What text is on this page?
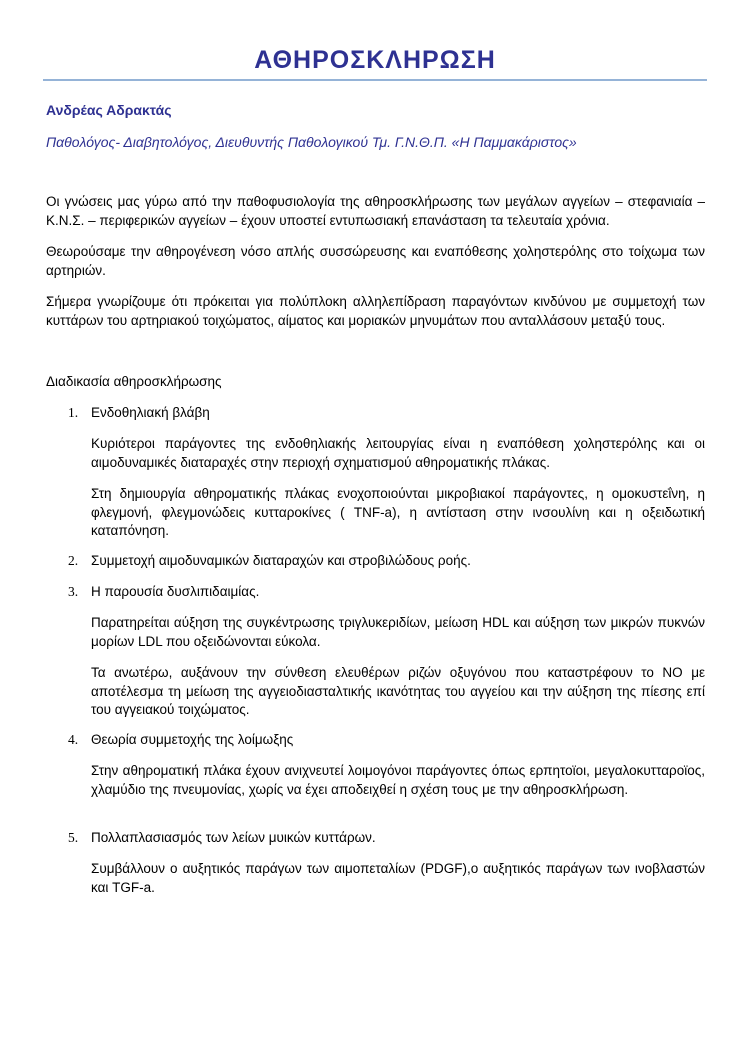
ΑΘΗΡΟΣΚΛΗΡΩΣΗ
Ανδρέας Αδρακτάς
Παθολόγος- Διαβητολόγος, Διευθυντής Παθολογικού Τμ. Γ.Ν.Θ.Π. «Η Παμμακάριστος»

Οι γνώσεις μας γύρω από την παθοφυσιολογία της αθηροσκλήρωσης των μεγάλων αγγείων – στεφανιαία – Κ.Ν.Σ. – περιφερικών αγγείων – έχουν υποστεί εντυπωσιακή επανάσταση τα τελευταία χρόνια.

Θεωρούσαμε την αθηρογένεση νόσο απλής συσσώρευσης και εναπόθεσης χοληστερόλης στο τοίχωμα των αρτηριών.

Σήμερα γνωρίζουμε ότι πρόκειται για πολύπλοκη αλληλεπίδραση παραγόντων κινδύνου με συμμετοχή των κυττάρων του αρτηριακού τοιχώματος, αίματος και μοριακών μηνυμάτων που ανταλλάσουν μεταξύ τους.

Διαδικασία αθηροσκλήρωσης
1. Ενδοθηλιακή βλάβη

Κυριότεροι παράγοντες της ενδοθηλιακής λειτουργίας είναι η εναπόθεση χοληστερόλης και οι αιμοδυναμικές διαταραχές στην περιοχή σχηματισμού αθηροματικής πλάκας.

Στη δημιουργία αθηροματικής πλάκας ενοχοποιούνται μικροβιακοί παράγοντες, η ομοκυστεΐνη, η φλεγμονή, φλεγμονώδεις κυτταροκίνες ( TNF-a), η αντίσταση στην ινσουλίνη και η οξειδωτική καταπόνηση.

2. Συμμετοχή αιμοδυναμικών διαταραχών και στροβιλώδους ροής.
3. Η παρουσία δυσλιπιδαιμίας.

Παρατηρείται αύξηση της συγκέντρωσης τριγλυκεριδίων, μείωση HDL και αύξηση των μικρών πυκνών μορίων LDL που οξειδώνονται εύκολα.

Τα ανωτέρω, αυξάνουν την σύνθεση ελευθέρων ριζών οξυγόνου που καταστρέφουν το NO με αποτέλεσμα τη μείωση της αγγειοδιασταλτικής ικανότητας του αγγείου και την αύξηση της πίεσης επί του αγγειακού τοιχώματος.

4. Θεωρία συμμετοχής της λοίμωξης

Στην αθηροματική πλάκα έχουν ανιχνευτεί λοιμογόνοι παράγοντες όπως ερπητοϊοι, μεγαλοκυτταροϊος, χλαμύδιο της πνευμονίας, χωρίς να έχει αποδειχθεί η σχέση τους με την αθηροσκλήρωση.

5. Πολλαπλασιασμός των λείων μυικών κυττάρων.

Συμβάλλουν ο αυξητικός παράγων των αιμοπεταλίων (PDGF),ο αυξητικός παράγων των ινοβλαστών και TGF-a.
